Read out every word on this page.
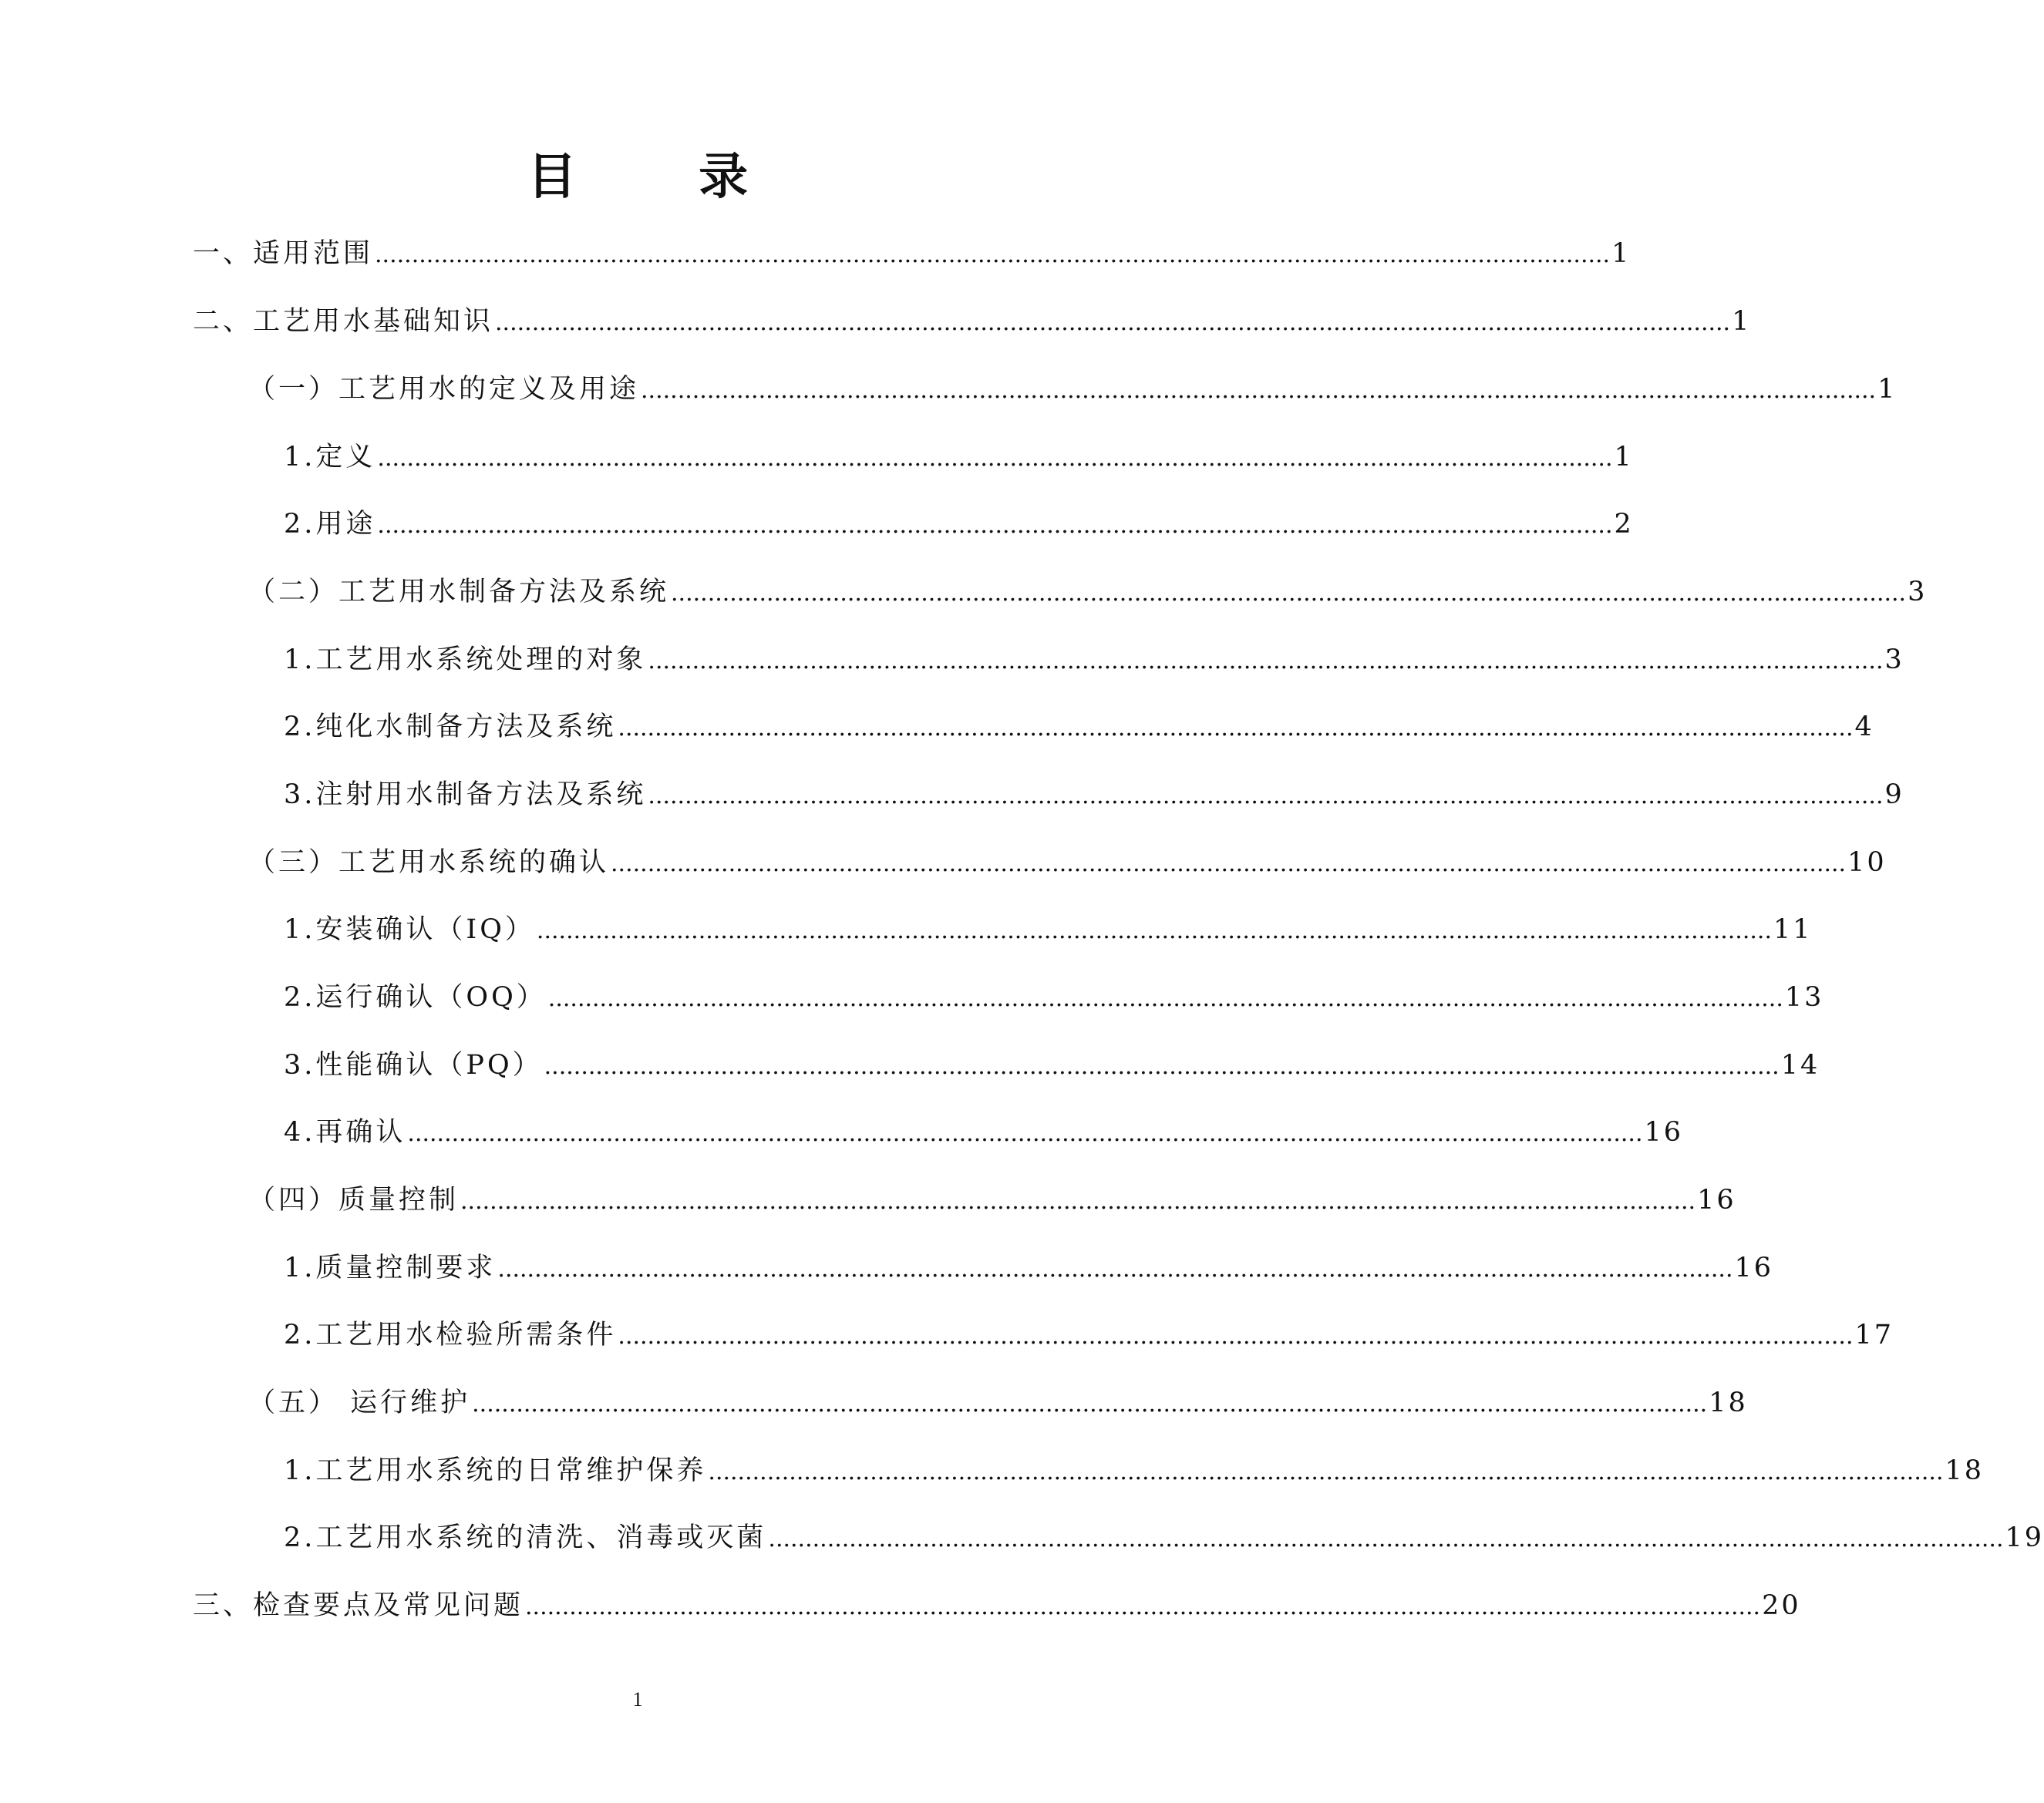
目 录
一、适用范围 ........................................................................................................................................................................ 1
二、工艺用水基础知识 ........................................................................................................................................................................ 1
（一）工艺用水的定义及用途 ........................................................................................................................................................................ 1
1.定义 ........................................................................................................................................................................ 1
2.用途 ........................................................................................................................................................................ 2
（二）工艺用水制备方法及系统 ........................................................................................................................................................................ 3
1.工艺用水系统处理的对象 ........................................................................................................................................................................ 3
2.纯化水制备方法及系统 ........................................................................................................................................................................ 4
3.注射用水制备方法及系统 ........................................................................................................................................................................ 9
（三）工艺用水系统的确认 ........................................................................................................................................................................ 10
1.安装确认（IQ） ........................................................................................................................................................................ 11
2.运行确认（OQ） ........................................................................................................................................................................ 13
3.性能确认（PQ） ........................................................................................................................................................................ 14
4.再确认 ........................................................................................................................................................................ 16
（四）质量控制 ........................................................................................................................................................................ 16
1.质量控制要求 ........................................................................................................................................................................ 16
2.工艺用水检验所需条件 ........................................................................................................................................................................ 17
（五） 运行维护 ........................................................................................................................................................................ 18
1.工艺用水系统的日常维护保养 ........................................................................................................................................................................ 18
2.工艺用水系统的清洗、消毒或灭菌 ........................................................................................................................................................................ 19
三、检查要点及常见问题 ........................................................................................................................................................................ 20
1
